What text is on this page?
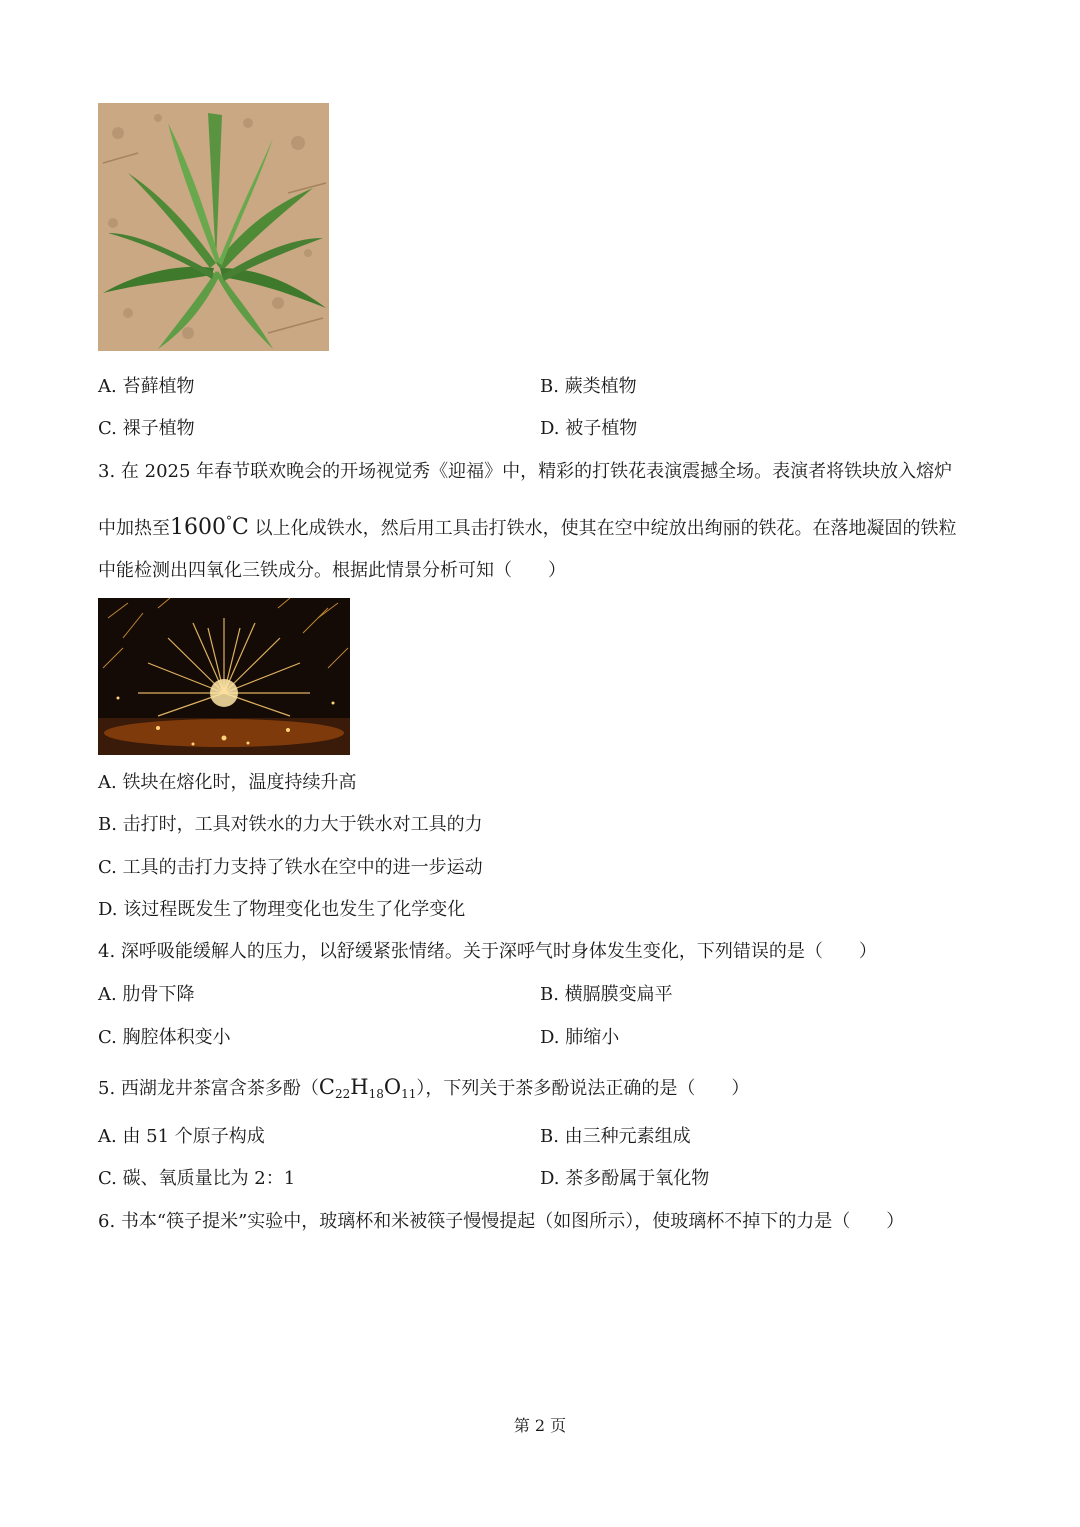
A. 苔藓植物	B. 蕨类植物
C. 裸子植物	D. 被子植物
3. 在 2025 年春节联欢晚会的开场视觉秀《迎福》中，精彩的打铁花表演震撼全场。表演者将铁块放入熔炉
中加热至1600°C 以上化成铁水，然后用工具击打铁水，使其在空中绽放出绚丽的铁花。在落地凝固的铁粒
中能检测出四氧化三铁成分。根据此情景分析可知（　　）
A. 铁块在熔化时，温度持续升高
B. 击打时，工具对铁水的力大于铁水对工具的力
C. 工具的击打力支持了铁水在空中的进一步运动
D. 该过程既发生了物理变化也发生了化学变化
4. 深呼吸能缓解人的压力，以舒缓紧张情绪。关于深呼气时身体发生变化，下列错误的是（　　）
A. 肋骨下降	B. 横膈膜变扁平
C. 胸腔体积变小	D. 肺缩小
5. 西湖龙井茶富含茶多酚$(C_{22}H_{18}O_{11})$，下列关于茶多酚说法正确的是（　　）
A. 由 51 个原子构成	B. 由三种元素组成
C. 碳、氧质量比为 2：1	D. 茶多酚属于氧化物
6. 书本“筷子提米”实验中，玻璃杯和米被筷子慢慢提起（如图所示），使玻璃杯不掉下的力是（　　）
第 2 页
